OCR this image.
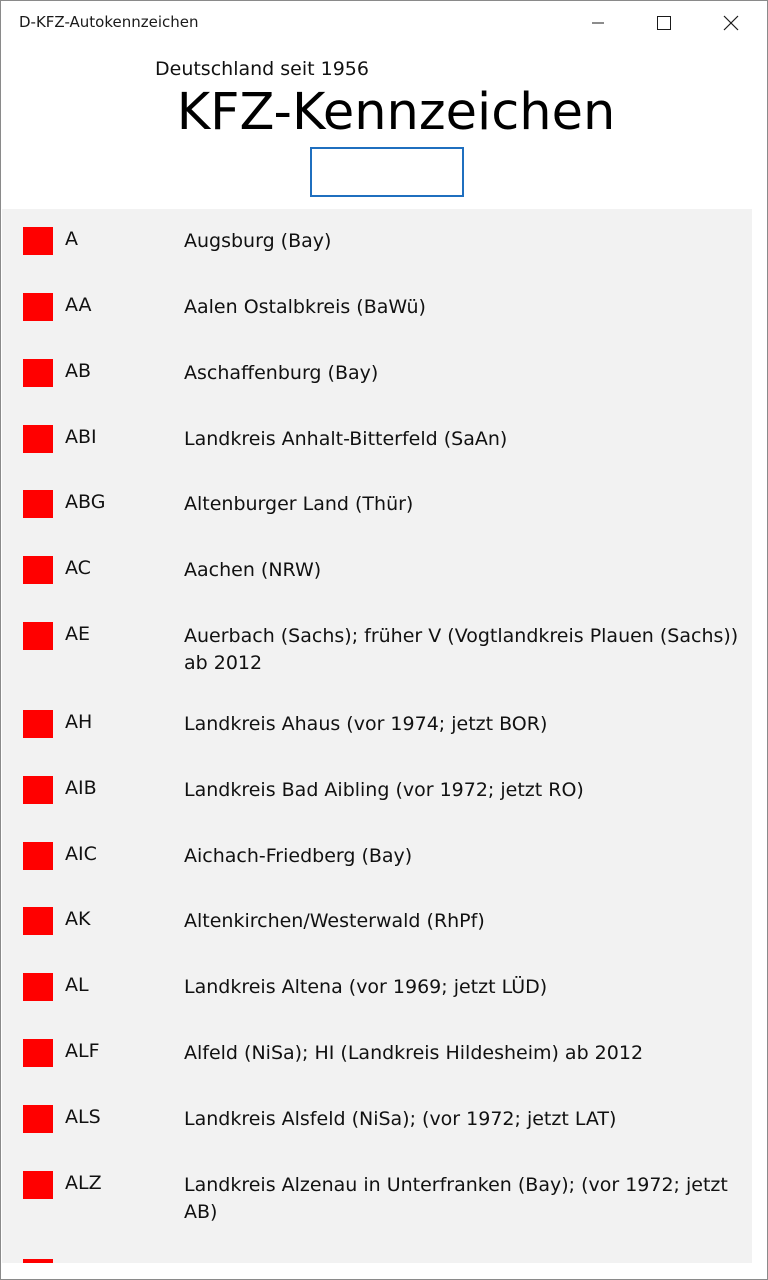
D-KFZ-Autokennzeichen
Deutschland seit 1956
KFZ-Kennzeichen
A	Augsburg (Bay)
AA	Aalen Ostalbkreis (BaWü)
AB	Aschaffenburg (Bay)
ABI	Landkreis Anhalt-Bitterfeld (SaAn)
ABG	Altenburger Land (Thür)
AC	Aachen (NRW)
AE	Auerbach (Sachs); früher V (Vogtlandkreis Plauen (Sachs)) ab 2012
AH	Landkreis Ahaus (vor 1974; jetzt BOR)
AIB	Landkreis Bad Aibling (vor 1972; jetzt RO)
AIC	Aichach-Friedberg (Bay)
AK	Altenkirchen/Westerwald (RhPf)
AL	Landkreis Altena (vor 1969; jetzt LÜD)
ALF	Alfeld (NiSa); HI (Landkreis Hildesheim) ab 2012
ALS	Landkreis Alsfeld (NiSa); (vor 1972; jetzt LAT)
ALZ	Landkreis Alzenau in Unterfranken (Bay); (vor 1972; jetzt AB)
